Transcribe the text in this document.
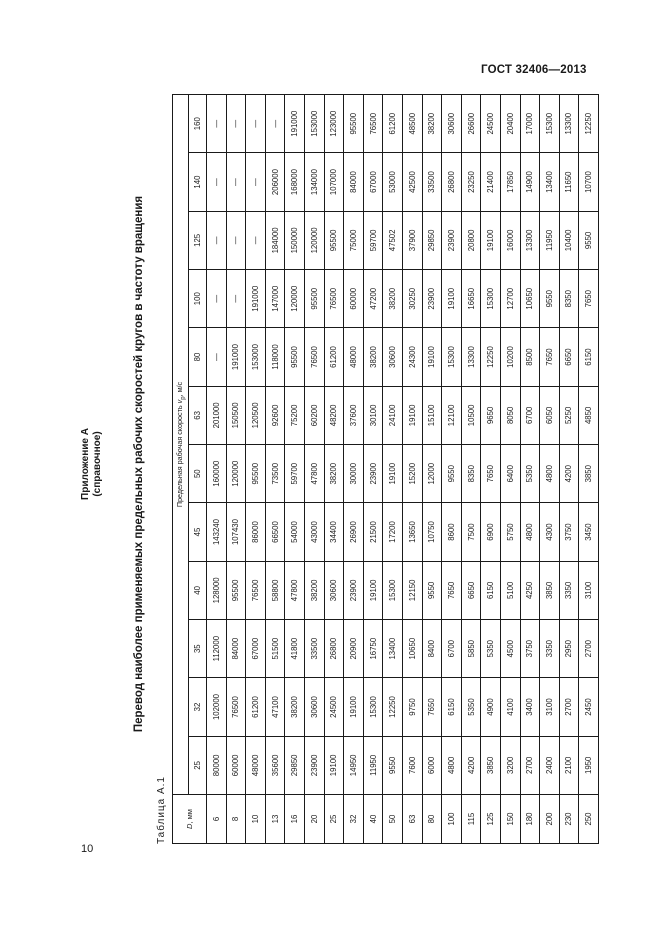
ГОСТ 32406—2013
10
Приложение А (справочное)	Перевод наиболее применяемых предельных рабочих скоростей кругов в частоту вращения
Таблица А.1 D, мм	Предельная рабочая скорость $v_р$, м/с											
	25	32	35	40	45	50	63	80	100	125	140	160
6	80000	102000	112000	128000	143240	160000	201000	—	—	—	—	—
8	60000	76500	84000	95500	107430	120000	150500	191000	—	—	—	—
10	48000	61200	67000	76500	86000	95500	120500	153000	191000	—	—	—
13	35600	47100	51500	58800	66500	73500	92600	118000	147000	184000	206000	—
16	29850	38200	41800	47800	54000	59700	75200	95500	120000	150000	168000	191000
20	23900	30600	33500	38200	43000	47800	60200	76500	95500	120000	134000	153000
25	19100	24500	26800	30600	34400	38200	48200	61200	76500	95500	107000	123000
32	14950	19100	20900	23900	26900	30000	37600	48000	60000	75000	84000	95500
40	11950	15300	16750	19100	21500	23900	30100	38200	47200	59700	67000	76500
50	9550	12250	13400	15300	17200	19100	24100	30600	38200	47502	53000	61200
63	7600	9750	10650	12150	13650	15200	19100	24300	30250	37900	42500	48500
80	6000	7650	8400	9550	10750	12000	15100	19100	23900	29850	33500	38200
100	4800	6150	6700	7650	8600	9550	12100	15300	19100	23900	26800	30600
115	4200	5350	5850	6650	7500	8350	10500	13300	16650	20800	23250	26600
125	3850	4900	5350	6150	6900	7650	9650	12250	15300	19100	21400	24500
150	3200	4100	4500	5100	5750	6400	8050	10200	12700	16000	17850	20400
180	2700	3400	3750	4250	4800	5350	6700	8500	10650	13300	14900	17000
200	2400	3100	3350	3850	4300	4800	6050	7650	9550	11950	13400	15300
230	2100	2700	2950	3350	3750	4200	5250	6650	8350	10400	11650	13300
250	1950	2450	2700	3100	3450	3850	4850	6150	7650	9550	10700	12250
